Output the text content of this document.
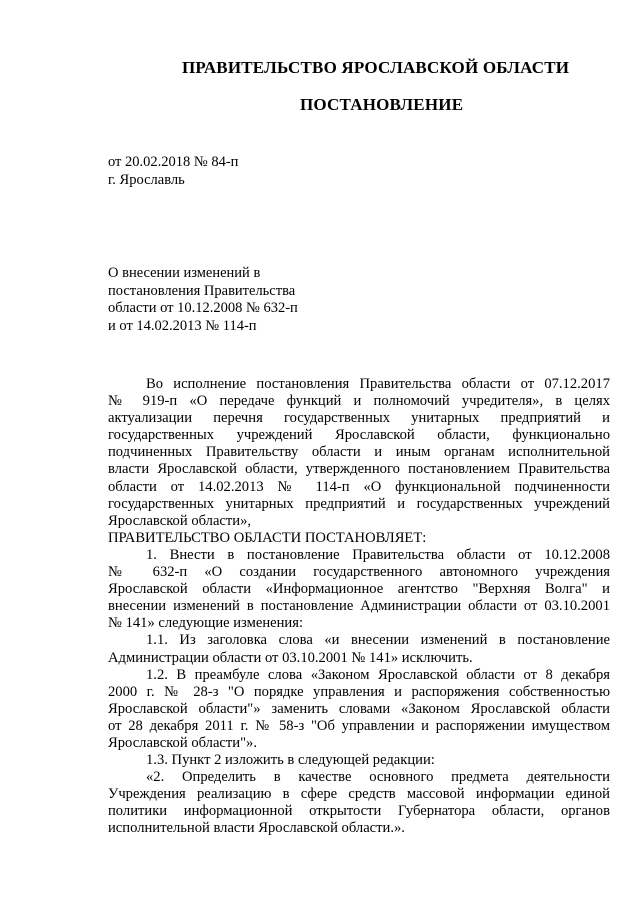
ПРАВИТЕЛЬСТВО ЯРОСЛАВСКОЙ ОБЛАСТИ
ПОСТАНОВЛЕНИЕ
от 20.02.2018 № 84-п
г. Ярославль
О внесении изменений в
постановления Правительства
области от 10.12.2008 № 632-п
и от 14.02.2013 № 114-п
Во исполнение постановления Правительства области от 07.12.2017
№ 919-п «О передаче функций и полномочий учредителя», в целях
актуализации перечня государственных унитарных предприятий и
государственных учреждений Ярославской области, функционально
подчиненных Правительству области и иным органам исполнительной
власти Ярославской области, утвержденного постановлением Правительства
области от 14.02.2013 № 114-п «О функциональной подчиненности
государственных унитарных предприятий и государственных учреждений
Ярославской области»,
ПРАВИТЕЛЬСТВО ОБЛАСТИ ПОСТАНОВЛЯЕТ:
1. Внести в постановление Правительства области от 10.12.2008
№ 632-п «О создании государственного автономного учреждения
Ярославской области «Информационное агентство "Верхняя Волга" и
внесении изменений в постановление Администрации области от 03.10.2001
№ 141» следующие изменения:
1.1. Из заголовка слова «и внесении изменений в постановление
Администрации области от 03.10.2001 № 141» исключить.
1.2. В преамбуле слова «Законом Ярославской области от 8 декабря
2000 г. № 28-з "О порядке управления и распоряжения собственностью
Ярославской области"» заменить словами «Законом Ярославской области
от 28 декабря 2011 г. № 58-з "Об управлении и распоряжении имуществом
Ярославской области"».
1.3. Пункт 2 изложить в следующей редакции:
«2. Определить в качестве основного предмета деятельности
Учреждения реализацию в сфере средств массовой информации единой
политики информационной открытости Губернатора области, органов
исполнительной власти Ярославской области.».
